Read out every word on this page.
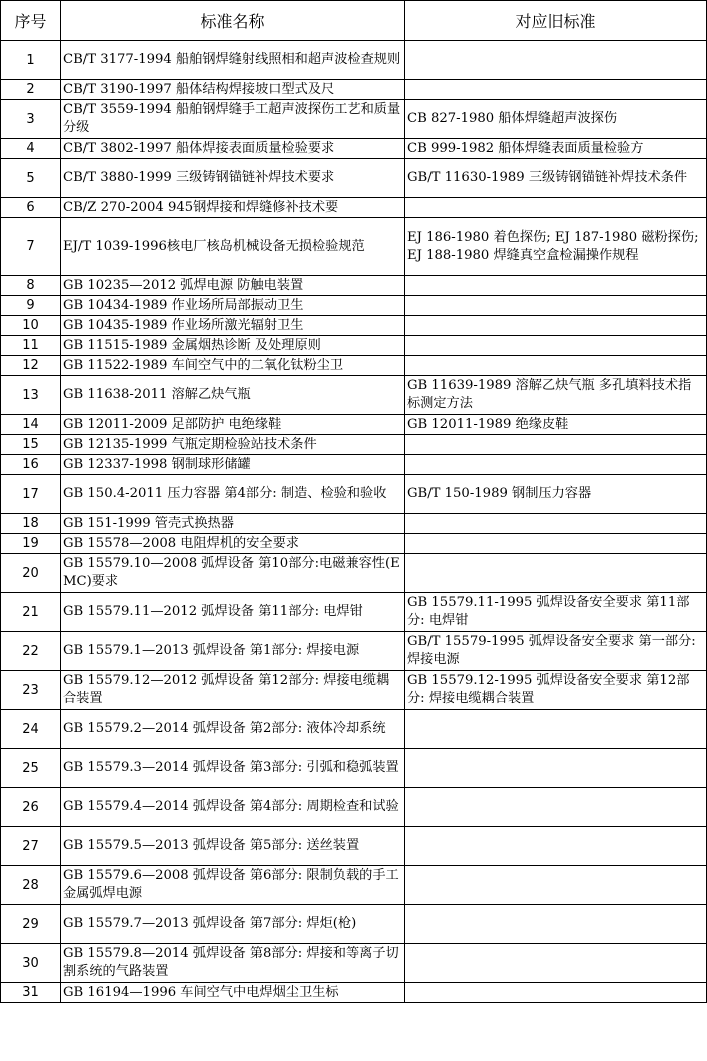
序号	标准名称	对应旧标准
1	CB/T 3177-1994 船舶钢焊缝射线照相和超声波检查规则	
2	CB/T 3190-1997 船体结构焊接坡口型式及尺	
3	CB/T 3559-1994 船舶钢焊缝手工超声波探伤工艺和质量分级	CB 827-1980 船体焊缝超声波探伤
4	CB/T 3802-1997 船体焊接表面质量检验要求	CB 999-1982 船体焊缝表面质量检验方
5	CB/T 3880-1999 三级铸钢锚链补焊技术要求	GB/T 11630-1989 三级铸钢锚链补焊技术条件
6	CB/Z 270-2004 945钢焊接和焊缝修补技术要	
7	EJ/T 1039-1996核电厂核岛机械设备无损检验规范	EJ 186-1980 着色探伤; EJ 187-1980 磁粉探伤; EJ 188-1980 焊缝真空盒检漏操作规程
8	GB 10235—2012 弧焊电源 防触电装置	
9	GB 10434-1989 作业场所局部振动卫生	
10	GB 10435-1989 作业场所激光辐射卫生	
11	GB 11515-1989 金属烟热诊断 及处理原则	
12	GB 11522-1989 车间空气中的二氧化钛粉尘卫	
13	GB 11638-2011 溶解乙炔气瓶	GB 11639-1989 溶解乙炔气瓶 多孔填料技术指标测定方法
14	GB 12011-2009 足部防护 电绝缘鞋	GB 12011-1989 绝缘皮鞋
15	GB 12135-1999 气瓶定期检验站技术条件	
16	GB 12337-1998 钢制球形储罐	
17	GB 150.4-2011 压力容器 第4部分: 制造、检验和验收	GB/T 150-1989 钢制压力容器
18	GB 151-1999 管壳式换热器	
19	GB 15578—2008 电阻焊机的安全要求	
20	GB 15579.10—2008 弧焊设备 第10部分:电磁兼容性(EMC)要求	
21	GB 15579.11—2012 弧焊设备 第11部分: 电焊钳	GB 15579.11-1995 弧焊设备安全要求 第11部分: 电焊钳
22	GB 15579.1—2013 弧焊设备 第1部分: 焊接电源	GB/T 15579-1995 弧焊设备安全要求 第一部分: 焊接电源
23	GB 15579.12—2012 弧焊设备 第12部分: 焊接电缆耦合装置	GB 15579.12-1995 弧焊设备安全要求 第12部分: 焊接电缆耦合装置
24	GB 15579.2—2014 弧焊设备 第2部分: 液体冷却系统	
25	GB 15579.3—2014 弧焊设备 第3部分: 引弧和稳弧装置	
26	GB 15579.4—2014 弧焊设备 第4部分: 周期检查和试验	
27	GB 15579.5—2013 弧焊设备 第5部分: 送丝装置	
28	GB 15579.6—2008 弧焊设备 第6部分: 限制负载的手工金属弧焊电源	
29	GB 15579.7—2013 弧焊设备 第7部分: 焊炬(枪)	
30	GB 15579.8—2014 弧焊设备 第8部分: 焊接和等离子切割系统的气路装置	
31	GB 16194—1996 车间空气中电焊烟尘卫生标	
